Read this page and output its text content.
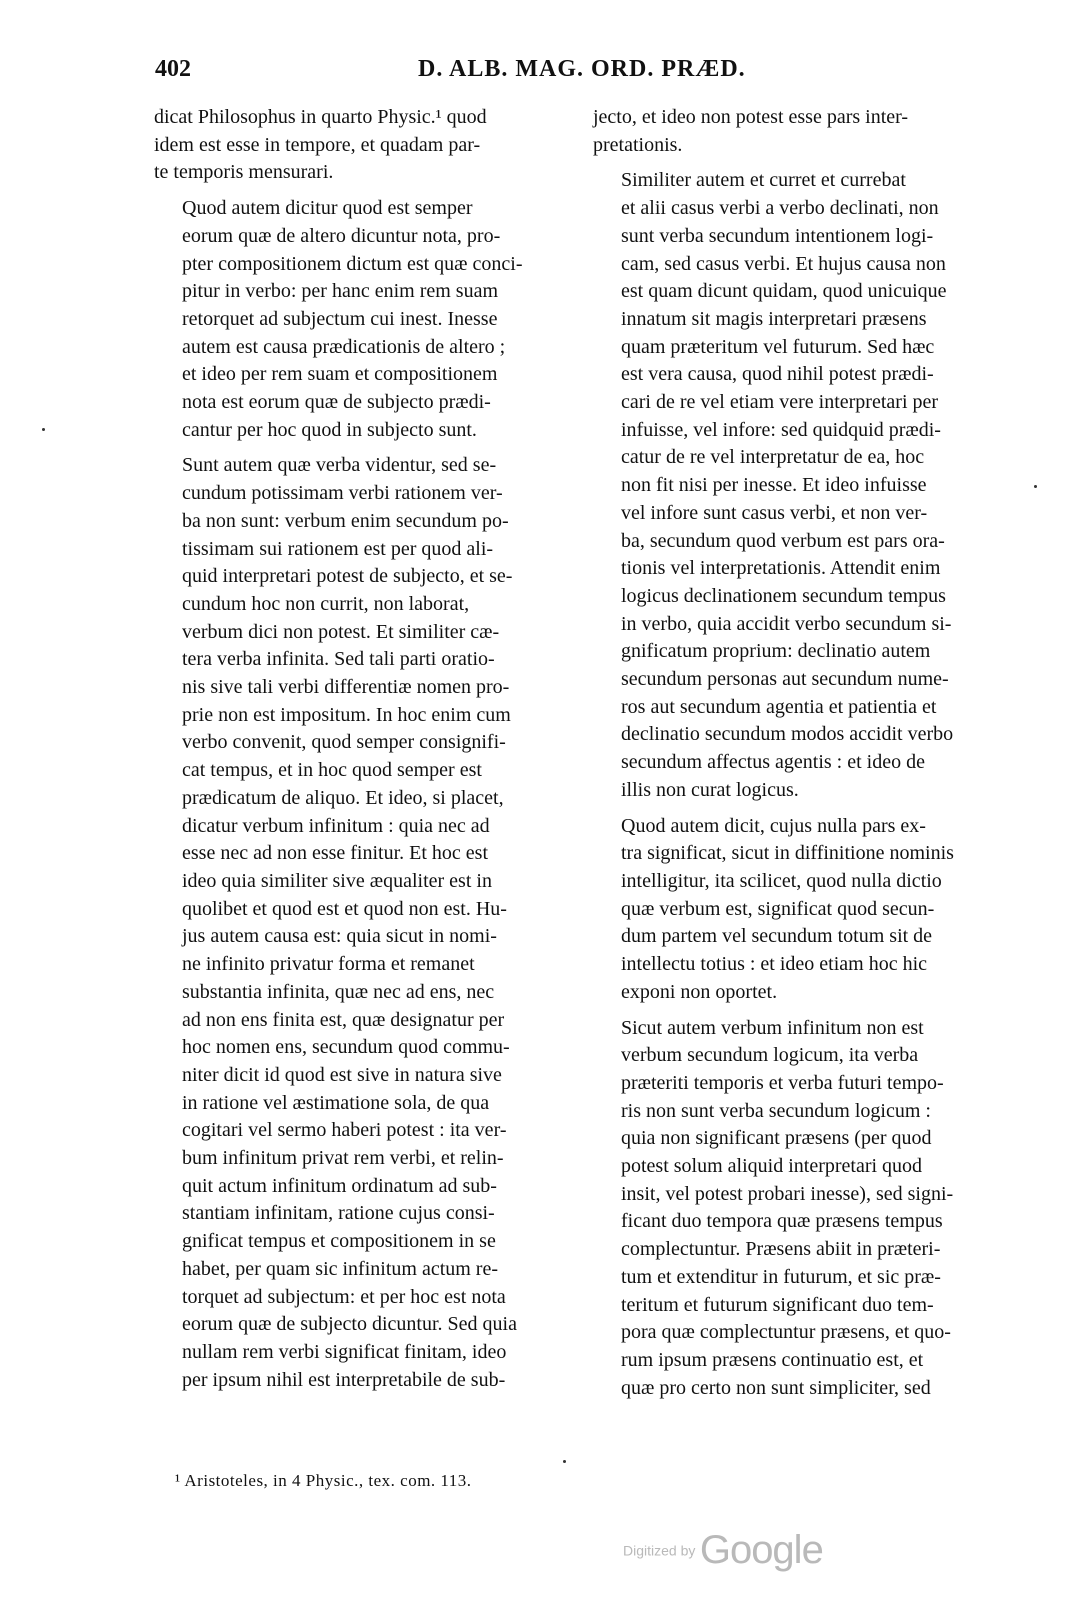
402	D. ALB. MAG. ORD. PRÆD.
dicat Philosophus in quarto Physic.¹ quod
idem est esse in tempore, et quadam par-
te temporis mensurari.
Quod autem dicitur quod est semper
eorum quæ de altero dicuntur nota, pro-
pter compositionem dictum est quæ conci-
pitur in verbo: per hanc enim rem suam
retorquet ad subjectum cui inest. Inesse
autem est causa prædicationis de altero ;
et ideo per rem suam et compositionem
nota est eorum quæ de subjecto prædi-
cantur per hoc quod in subjecto sunt.
Sunt autem quæ verba videntur, sed se-
cundum potissimam verbi rationem ver-
ba non sunt: verbum enim secundum po-
tissimam sui rationem est per quod ali-
quid interpretari potest de subjecto, et se-
cundum hoc non currit, non laborat,
verbum dici non potest. Et similiter cæ-
tera verba infinita. Sed tali parti oratio-
nis sive tali verbi differentiæ nomen pro-
prie non est impositum. In hoc enim cum
verbo convenit, quod semper consignifi-
cat tempus, et in hoc quod semper est
prædicatum de aliquo. Et ideo, si placet,
dicatur verbum infinitum : quia nec ad
esse nec ad non esse finitur. Et hoc est
ideo quia similiter sive æqualiter est in
quolibet et quod est et quod non est. Hu-
jus autem causa est: quia sicut in nomi-
ne infinito privatur forma et remanet
substantia infinita, quæ nec ad ens, nec
ad non ens finita est, quæ designatur per
hoc nomen ens, secundum quod commu-
niter dicit id quod est sive in natura sive
in ratione vel æstimatione sola, de qua
cogitari vel sermo haberi potest : ita ver-
bum infinitum privat rem verbi, et relin-
quit actum infinitum ordinatum ad sub-
stantiam infinitam, ratione cujus consi-
gnificat tempus et compositionem in se
habet, per quam sic infinitum actum re-
torquet ad subjectum: et per hoc est nota
eorum quæ de subjecto dicuntur. Sed quia
nullam rem verbi significat finitam, ideo
per ipsum nihil est interpretabile de sub-
jecto, et ideo non potest esse pars inter-
pretationis.
Similiter autem et curret et currebat
et alii casus verbi a verbo declinati, non
sunt verba secundum intentionem logi-
cam, sed casus verbi. Et hujus causa non
est quam dicunt quidam, quod unicuique
innatum sit magis interpretari præsens
quam præteritum vel futurum. Sed hæc
est vera causa, quod nihil potest prædi-
cari de re vel etiam vere interpretari per
infuisse, vel infore: sed quidquid prædi-
catur de re vel interpretatur de ea, hoc
non fit nisi per inesse. Et ideo infuisse
vel infore sunt casus verbi, et non ver-
ba, secundum quod verbum est pars ora-
tionis vel interpretationis. Attendit enim
logicus declinationem secundum tempus
in verbo, quia accidit verbo secundum si-
gnificatum proprium: declinatio autem
secundum personas aut secundum nume-
ros aut secundum agentia et patientia et
declinatio secundum modos accidit verbo
secundum affectus agentis : et ideo de
illis non curat logicus.
Quod autem dicit, cujus nulla pars ex-
tra significat, sicut in diffinitione nominis
intelligitur, ita scilicet, quod nulla dictio
quæ verbum est, significat quod secun-
dum partem vel secundum totum sit de
intellectu totius : et ideo etiam hoc hic
exponi non oportet.
Sicut autem verbum infinitum non est
verbum secundum logicum, ita verba
præteriti temporis et verba futuri tempo-
ris non sunt verba secundum logicum :
quia non significant præsens (per quod
potest solum aliquid interpretari quod
insit, vel potest probari inesse), sed signi-
ficant duo tempora quæ præsens tempus
complectuntur. Præsens abiit in præteri-
tum et extenditur in futurum, et sic præ-
teritum et futurum significant duo tem-
pora quæ complectuntur præsens, et quo-
rum ipsum præsens continuatio est, et
quæ pro certo non sunt simpliciter, sed
¹ Aristoteles, in 4 Physic., tex. com. 113.
Digitized by Google
